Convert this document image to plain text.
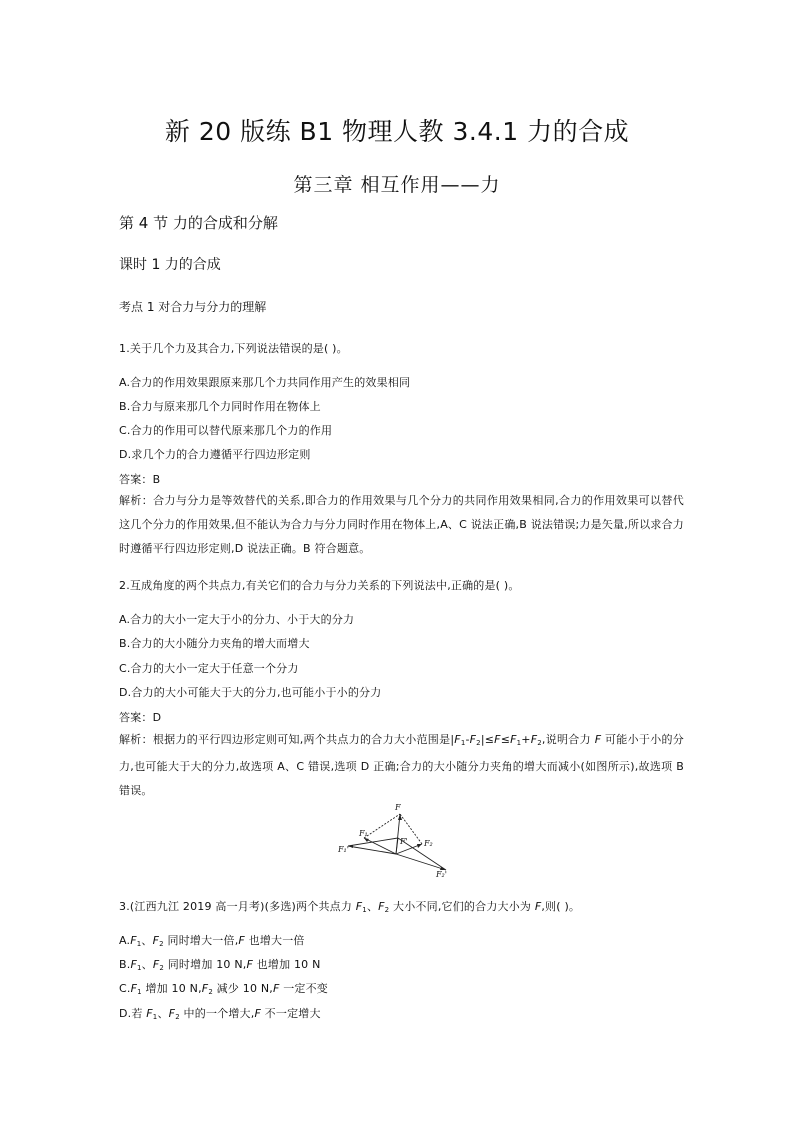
新 20 版练 B1 物理人教 3.4.1 力的合成
第三章 相互作用——力
第 4 节 力的合成和分解
课时 1 力的合成
考点 1 对合力与分力的理解
1.关于几个力及其合力,下列说法错误的是( )。
A.合力的作用效果跟原来那几个力共同作用产生的效果相同
B.合力与原来那几个力同时作用在物体上
C.合力的作用可以替代原来那几个力的作用
D.求几个力的合力遵循平行四边形定则
答案：B
解析：合力与分力是等效替代的关系,即合力的作用效果与几个分力的共同作用效果相同,合力的作用效果可以替代这几个分力的作用效果,但不能认为合力与分力同时作用在物体上,A、C 说法正确,B 说法错误;力是矢量,所以求合力时遵循平行四边形定则,D 说法正确。B 符合题意。
2.互成角度的两个共点力,有关它们的合力与分力关系的下列说法中,正确的是( )。
A.合力的大小一定大于小的分力、小于大的分力
B.合力的大小随分力夹角的增大而增大
C.合力的大小一定大于任意一个分力
D.合力的大小可能大于大的分力,也可能小于小的分力
答案：D
解析：根据力的平行四边形定则可知,两个共点力的合力大小范围是$|F_1-F_2|\le F\le F_1+F_2$,说明合力 F 可能小于小的分力,也可能大于大的分力,故选项 A、C 错误,选项 D 正确;合力的大小随分力夹角的增大而减小(如图所示),故选项 B 错误。
F
F₁
F₁'
F' F₂
F₂'
3.(江西九江 2019 高一月考)(多选)两个共点力 $F_1$、$F_2$ 大小不同,它们的合力大小为 F,则( )。
$A.F_1$、$F_2$ 同时增大一倍,F 也增大一倍
$B.F_1$、$F_2$ 同时增加 10 N,F 也增加 10 N
$C.F_1$ 增加 10 $N,F_2$ 减少 10 N,F 一定不变
D.若 $F_1$、$F_2$ 中的一个增大,F 不一定增大
